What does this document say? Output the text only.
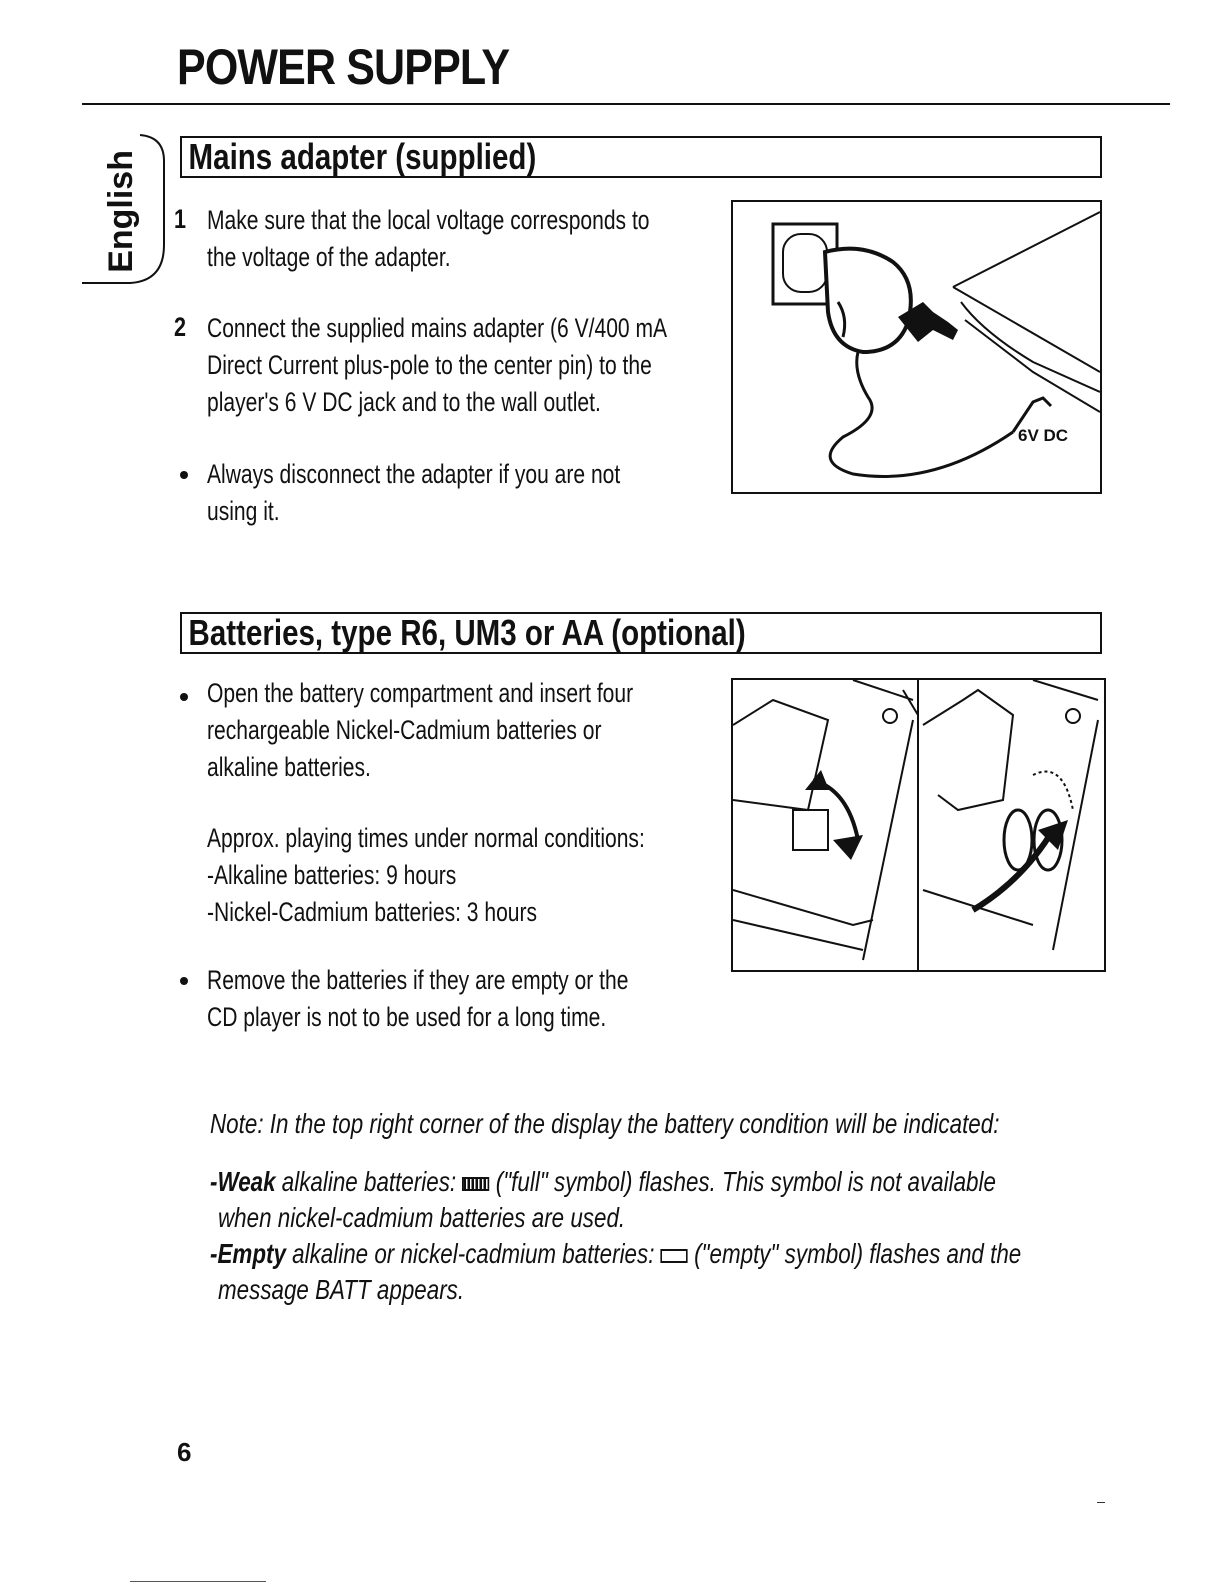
POWER SUPPLY
English Mains adapter (supplied)
1 Make sure that the local voltage corresponds to
the voltage of the adapter.
2 Connect the supplied mains adapter (6 V/400 mA
Direct Current plus-pole to the center pin) to the
player's 6 V DC jack and to the wall outlet.
Always disconnect the adapter if you are not
using it.
6V DC
Batteries, type R6, UM3 or AA (optional)
Open the battery compartment and insert four
rechargeable Nickel-Cadmium batteries or
alkaline batteries.
Approx. playing times under normal conditions:
-Alkaline batteries: 9 hours
-Nickel-Cadmium batteries: 3 hours
Remove the batteries if they are empty or the
CD player is not to be used for a long time.
Note: In the top right corner of the display the battery condition will be indicated:
-Weak alkaline batteries:  ("full" symbol) flashes. This symbol is not available
when nickel-cadmium batteries are used.
-Empty alkaline or nickel-cadmium batteries:  ("empty" symbol) flashes and the
message BATT appears.
6
